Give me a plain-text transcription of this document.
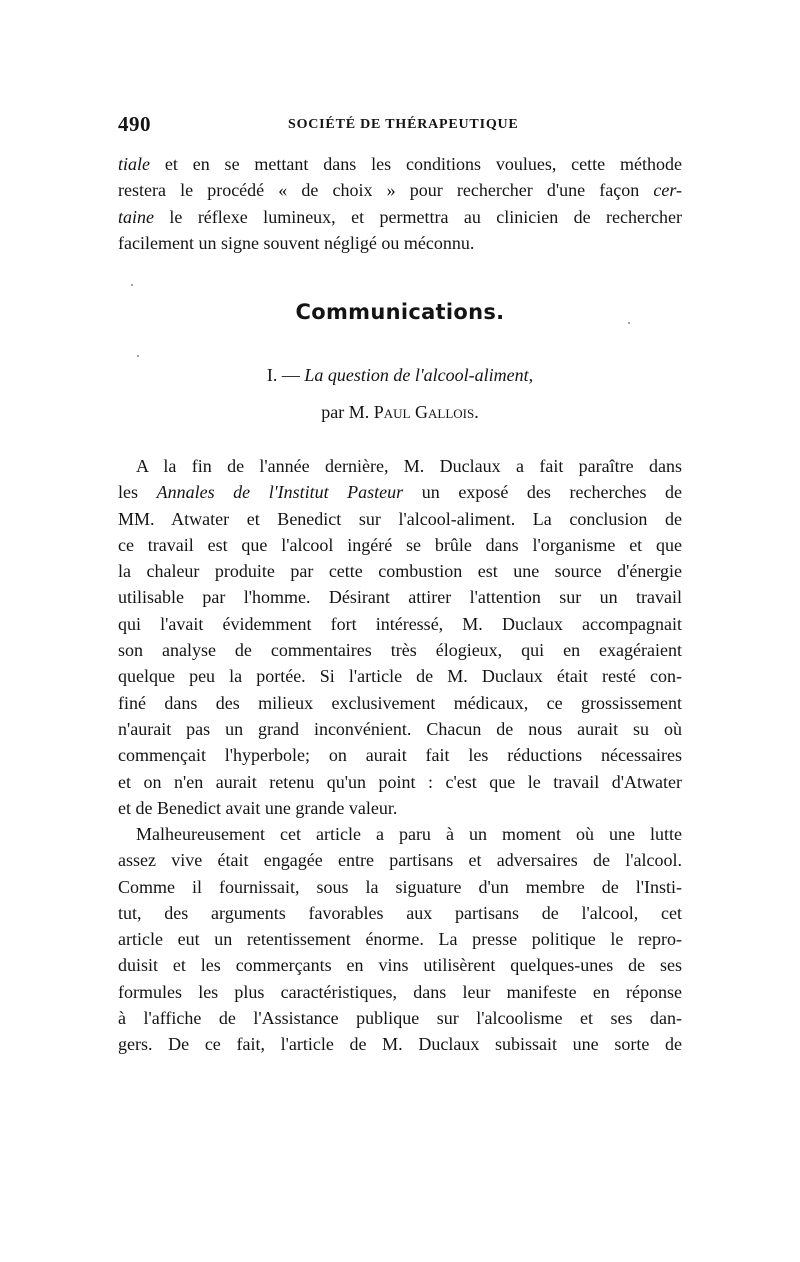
490	SOCIÉTÉ DE THÉRAPEUTIQUE
tiale et en se mettant dans les conditions voulues, cette méthode
restera le procédé « de choix » pour rechercher d'une façon cer-
taine le réflexe lumineux, et permettra au clinicien de rechercher
facilement un signe souvent négligé ou méconnu.
Communications.
I. — La question de l'alcool-aliment,
par M. Paul Gallois.
A la fin de l'année dernière, M. Duclaux a fait paraître dans
les Annales de l'Institut Pasteur un exposé des recherches de
MM. Atwater et Benedict sur l'alcool-aliment. La conclusion de
ce travail est que l'alcool ingéré se brûle dans l'organisme et que
la chaleur produite par cette combustion est une source d'énergie
utilisable par l'homme. Désirant attirer l'attention sur un travail
qui l'avait évidemment fort intéressé, M. Duclaux accompagnait
son analyse de commentaires très élogieux, qui en exagéraient
quelque peu la portée. Si l'article de M. Duclaux était resté con-
finé dans des milieux exclusivement médicaux, ce grossissement
n'aurait pas un grand inconvénient. Chacun de nous aurait su où
commençait l'hyperbole; on aurait fait les réductions nécessaires
et on n'en aurait retenu qu'un point : c'est que le travail d'Atwater
et de Benedict avait une grande valeur.
Malheureusement cet article a paru à un moment où une lutte
assez vive était engagée entre partisans et adversaires de l'alcool.
Comme il fournissait, sous la siguature d'un membre de l'Insti-
tut, des arguments favorables aux partisans de l'alcool, cet
article eut un retentissement énorme. La presse politique le repro-
duisit et les commerçants en vins utilisèrent quelques-unes de ses
formules les plus caractéristiques, dans leur manifeste en réponse
à l'affiche de l'Assistance publique sur l'alcoolisme et ses dan-
gers. De ce fait, l'article de M. Duclaux subissait une sorte de
